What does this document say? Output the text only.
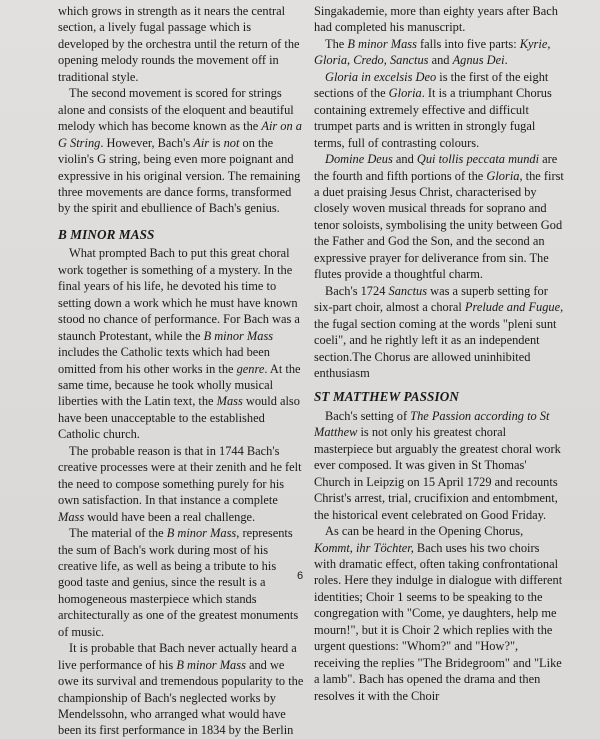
which grows in strength as it nears the central section, a lively fugal passage which is developed by the orchestra until the return of the opening melody rounds the movement off in traditional style.

The second movement is scored for strings alone and consists of the eloquent and beautiful melody which has become known as the Air on a G String. However, Bach's Air is not on the violin's G string, being even more poignant and expressive in his original version. The remaining three movements are dance forms, transformed by the spirit and ebullience of Bach's genius.

B MINOR MASS

What prompted Bach to put this great choral work together is something of a mystery. In the final years of his life, he devoted his time to setting down a work which he must have known stood no chance of performance. For Bach was a staunch Protestant, while the B minor Mass includes the Catholic texts which had been omitted from his other works in the genre. At the same time, because he took wholly musical liberties with the Latin text, the Mass would also have been unacceptable to the established Catholic church.

The probable reason is that in 1744 Bach's creative processes were at their zenith and he felt the need to compose something purely for his own satisfaction. In that instance a complete Mass would have been a real challenge.

The material of the B minor Mass, represents the sum of Bach's work during most of his creative life, as well as being a tribute to his good taste and genius, since the result is a homogeneous masterpiece which stands architecturally as one of the greatest monuments of music.

It is probable that Bach never actually heard a live performance of his B minor Mass and we owe its survival and tremendous popularity to the championship of Bach's neglected works by Mendelssohn, who arranged what would have been its first performance in 1834 by the Berlin

Singakademie, more than eighty years after Bach had completed his manuscript.

The B minor Mass falls into five parts: Kyrie, Gloria, Credo, Sanctus and Agnus Dei.

Gloria in excelsis Deo is the first of the eight sections of the Gloria. It is a triumphant Chorus containing extremely effective and difficult trumpet parts and is written in strongly fugal terms, full of contrasting colours.

Domine Deus and Qui tollis peccata mundi are the fourth and fifth portions of the Gloria, the first a duet praising Jesus Christ, characterised by closely woven musical threads for soprano and tenor soloists, symbolising the unity between God the Father and God the Son, and the second an expressive prayer for deliverance from sin. The flutes provide a thoughtful charm.

Bach's 1724 Sanctus was a superb setting for six-part choir, almost a choral Prelude and Fugue, the fugal section coming at the words "pleni sunt coeli", and he rightly left it as an independent section.The Chorus are allowed uninhibited enthusiasm

ST MATTHEW PASSION

Bach's setting of The Passion according to St Matthew is not only his greatest choral masterpiece but arguably the greatest choral work ever composed. It was given in St Thomas' Church in Leipzig on 15 April 1729 and recounts Christ's arrest, trial, crucifixion and entombment, the historical event celebrated on Good Friday.

As can be heard in the Opening Chorus, Kommt, ihr Töchter, Bach uses his two choirs with dramatic effect, often taking confrontational roles. Here they indulge in dialogue with different identities; Choir 1 seems to be speaking to the congregation with "Come, ye daughters, help me mourn!", but it is Choir 2 which replies with the urgent questions: "Whom?" and "How?", receiving the replies "The Bridegroom" and "Like a lamb". Bach has opened the drama and then resolves it with the Choir

6
